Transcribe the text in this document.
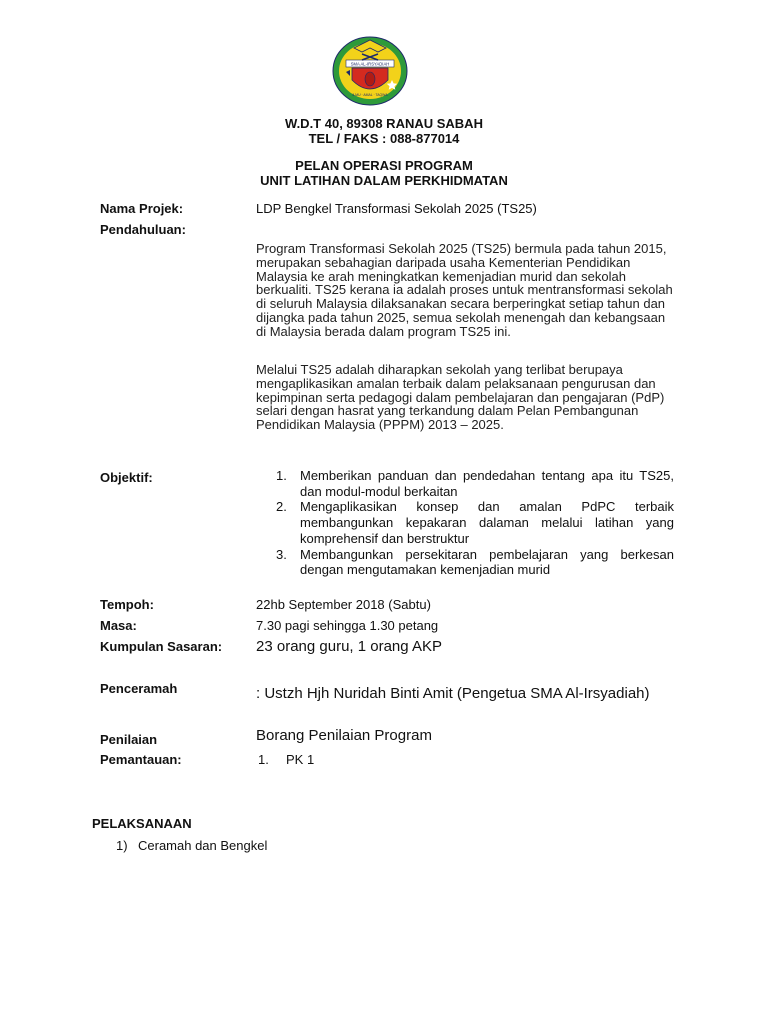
SMA AL-IRSYADIAH
ILMU · AMAL · TAQWA
W.D.T 40, 89308 RANAU SABAH
TEL / FAKS : 088-877014
PELAN OPERASI PROGRAM
UNIT LATIHAN DALAM PERKHIDMATAN
Nama Projek:	LDP Bengkel Transformasi Sekolah 2025 (TS25)
Pendahuluan:

Program Transformasi Sekolah 2025 (TS25) bermula pada tahun 2015, merupakan sebahagian daripada usaha Kementerian Pendidikan Malaysia ke arah meningkatkan kemenjadian murid dan sekolah berkualiti. TS25 kerana ia adalah proses untuk mentransformasi sekolah di seluruh Malaysia dilaksanakan secara berperingkat setiap tahun dan dijangka pada tahun 2025, semua sekolah menengah dan kebangsaan di Malaysia berada dalam program TS25 ini.

Melalui TS25 adalah diharapkan sekolah yang terlibat berupaya mengaplikasikan amalan terbaik dalam pelaksanaan pengurusan dan kepimpinan serta pedagogi dalam pembelajaran dan pengajaran (PdP) selari dengan hasrat yang terkandung dalam Pelan Pembangunan Pendidikan Malaysia (PPPM) 2013 – 2025.

Objektif:	1.	Memberikan panduan dan pendedahan tentang apa itu TS25, dan modul-modul berkaitan
2.	Mengaplikasikan konsep dan amalan PdPC terbaik membangunkan kepakaran dalaman melalui latihan yang komprehensif dan berstruktur
3.	Membangunkan persekitaran pembelajaran yang berkesan dengan mengutamakan kemenjadian murid
Tempoh:	22hb September 2018 (Sabtu)
Masa:	7.30 pagi sehingga 1.30 petang
Kumpulan Sasaran: 23 orang guru, 1 orang AKP
Penceramah	: Ustzh Hjh Nuridah Binti Amit (Pengetua SMA Al-Irsyadiah)
Penilaian	Borang Penilaian Program
Pemantauan:	1. PK 1
PELAKSANAAN
1) Ceramah dan Bengkel
